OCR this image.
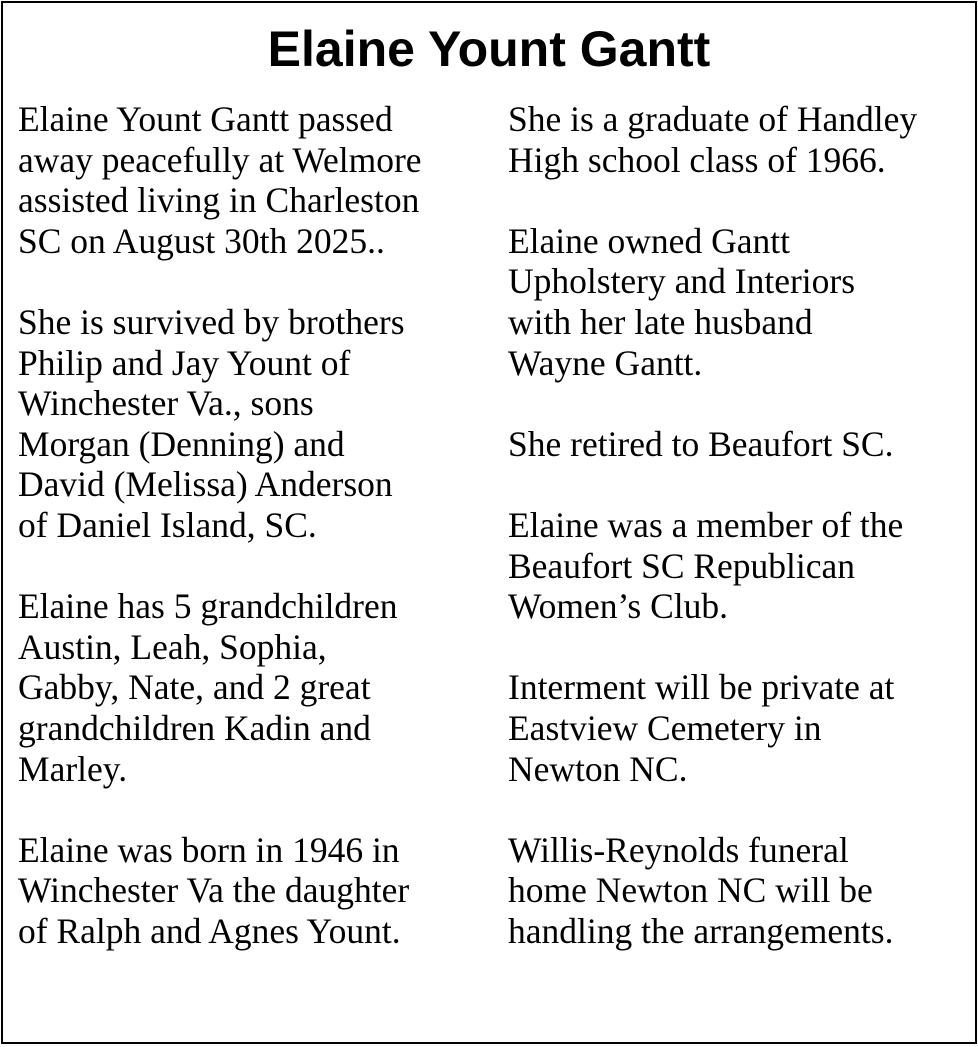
Elaine Yount Gantt

Elaine Yount Gantt passed
away peacefully at Welmore
assisted living in Charleston
SC on August 30th 2025..

She is survived by brothers
Philip and Jay Yount of
Winchester Va., sons
Morgan (Denning) and
David (Melissa) Anderson
of Daniel Island, SC.

Elaine has 5 grandchildren
Austin, Leah, Sophia,
Gabby, Nate, and 2 great
grandchildren Kadin and
Marley.

Elaine was born in 1946 in
Winchester Va the daughter
of Ralph and Agnes Yount.

She is a graduate of Handley
High school class of 1966.

Elaine owned Gantt
Upholstery and Interiors
with her late husband
Wayne Gantt.

She retired to Beaufort SC.

Elaine was a member of the
Beaufort SC Republican
Women’s Club.

Interment will be private at
Eastview Cemetery in
Newton NC.

Willis-Reynolds funeral
home Newton NC will be
handling the arrangements.
